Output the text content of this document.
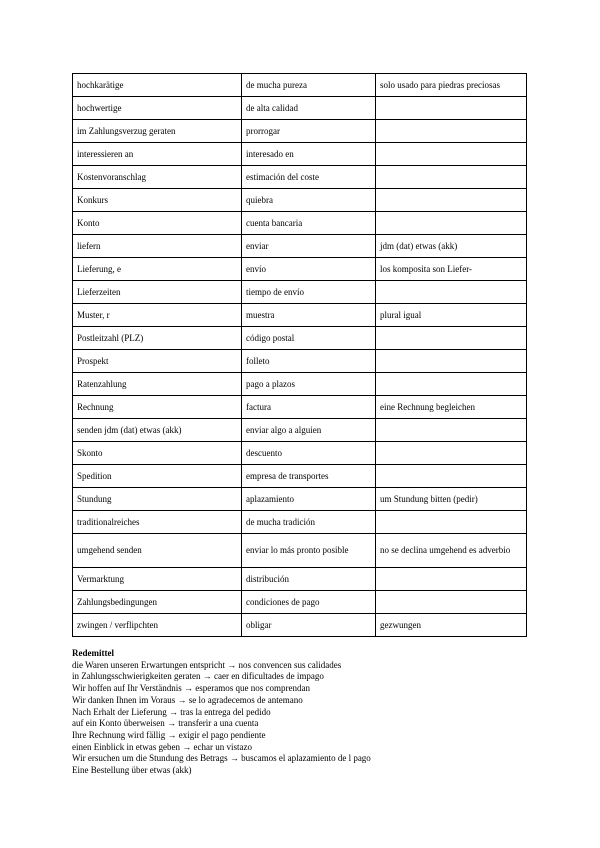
hochkarätige	de mucha pureza	solo usado para piedras preciosas
hochwertige	de alta calidad	
im Zahlungsverzug geraten	prorrogar	
interessieren an	interesado en	
Kostenvoranschlag	estimación del coste	
Konkurs	quiebra	
Konto	cuenta bancaria	
liefern	enviar	jdm (dat) etwas (akk)
Lieferung, e	envío	los komposita son Liefer-
Lieferzeiten	tiempo de envío	
Muster, r	muestra	plural igual
Postleitzahl (PLZ)	código postal	
Prospekt	folleto	
Ratenzahlung	pago a plazos	
Rechnung	factura	eine Rechnung begleichen
senden jdm (dat) etwas (akk)	enviar algo a alguien	
Skonto	descuento	
Spedition	empresa de transportes	
Stundung	aplazamiento	um Stundung bitten (pedir)
traditionalreiches	de mucha tradición	
umgehend senden	enviar lo más pronto posible	no se declina umgehend es adverbio
Vermarktung	distribución	
Zahlungsbedingungen	condiciones de pago	
zwingen / verflipchten	obligar	gezwungen
Redemittel
die Waren unseren Erwartungen entspricht → nos convencen sus calidades
in Zahlungsschwierigkeiten geraten → caer en dificultades de impago
Wir hoffen auf Ihr Verständnis → esperamos que nos comprendan
Wir danken Ihnen im Voraus → se lo agradecemos de antemano
Nach Erhalt der Lieferung → tras la entrega del pedido
auf ein Konto überweisen → transferir a una cuenta
Ihre Rechnung wird fällig → exigir el pago pendiente
einen Einblick in etwas geben → echar un vistazo
Wir ersuchen um die Stundung des Betrags → buscamos el aplazamiento de l pago
Eine Bestellung über etwas (akk)
